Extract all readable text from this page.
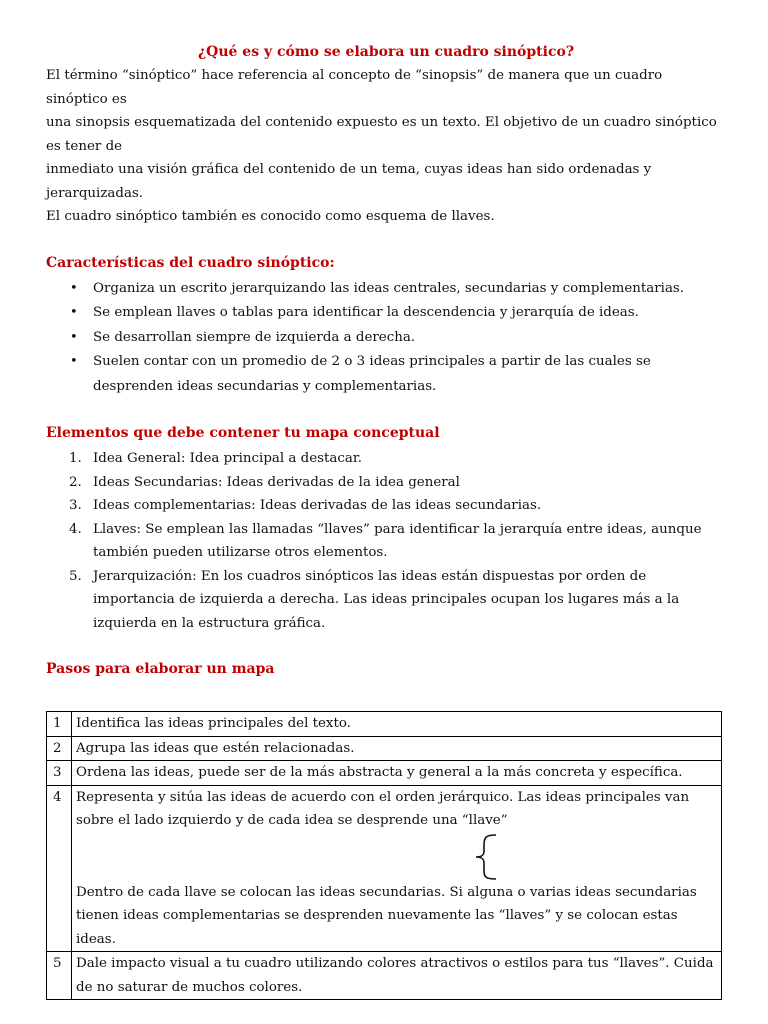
¿Qué es y cómo se elabora un cuadro sinóptico?

El término “sinóptico” hace referencia al concepto de “sinopsis” de manera que un cuadro sinóptico es

una sinopsis esquematizada del contenido expuesto es un texto. El objetivo de un cuadro sinóptico es tener de

inmediato una visión gráfica del contenido de un tema, cuyas ideas han sido ordenadas y jerarquizadas.

El cuadro sinóptico también es conocido como esquema de llaves.

Características del cuadro sinóptico:
• Organiza un escrito jerarquizando las ideas centrales, secundarias y complementarias.
• Se emplean llaves o tablas para identificar la descendencia y jerarquía de ideas.
• Se desarrollan siempre de izquierda a derecha.
• Suelen contar con un promedio de 2 o 3 ideas principales a partir de las cuales se desprenden ideas secundarias y complementarias.
Elementos que debe contener tu mapa conceptual
1. Idea General: Idea principal a destacar.
2. Ideas Secundarias: Ideas derivadas de la idea general
3. Ideas complementarias: Ideas derivadas de las ideas secundarias.
4. Llaves: Se emplean las llamadas “llaves” para identificar la jerarquía entre ideas, aunque también pueden utilizarse otros elementos.
5. Jerarquización: En los cuadros sinópticos las ideas están dispuestas por orden de importancia de izquierda a derecha. Las ideas principales ocupan los lugares más a la izquierda en la estructura gráfica.
Pasos para elaborar un mapa
1	Identifica las ideas principales del texto.
2	Agrupa las ideas que estén relacionadas.
3	Ordena las ideas, puede ser de la más abstracta y general a la más concreta y específica.
4	Representa y sitúa las ideas de acuerdo con el orden jerárquico. Las ideas principales van sobre el lado izquierdo y de cada idea se desprende una “llave”
Dentro de cada llave se colocan las ideas secundarias. Si alguna o varias ideas secundarias tienen ideas complementarias se desprenden nuevamente las “llaves” y se colocan estas ideas.

5	Dale impacto visual a tu cuadro utilizando colores atractivos o estilos para tus “llaves”. Cuida de no saturar de muchos colores.
